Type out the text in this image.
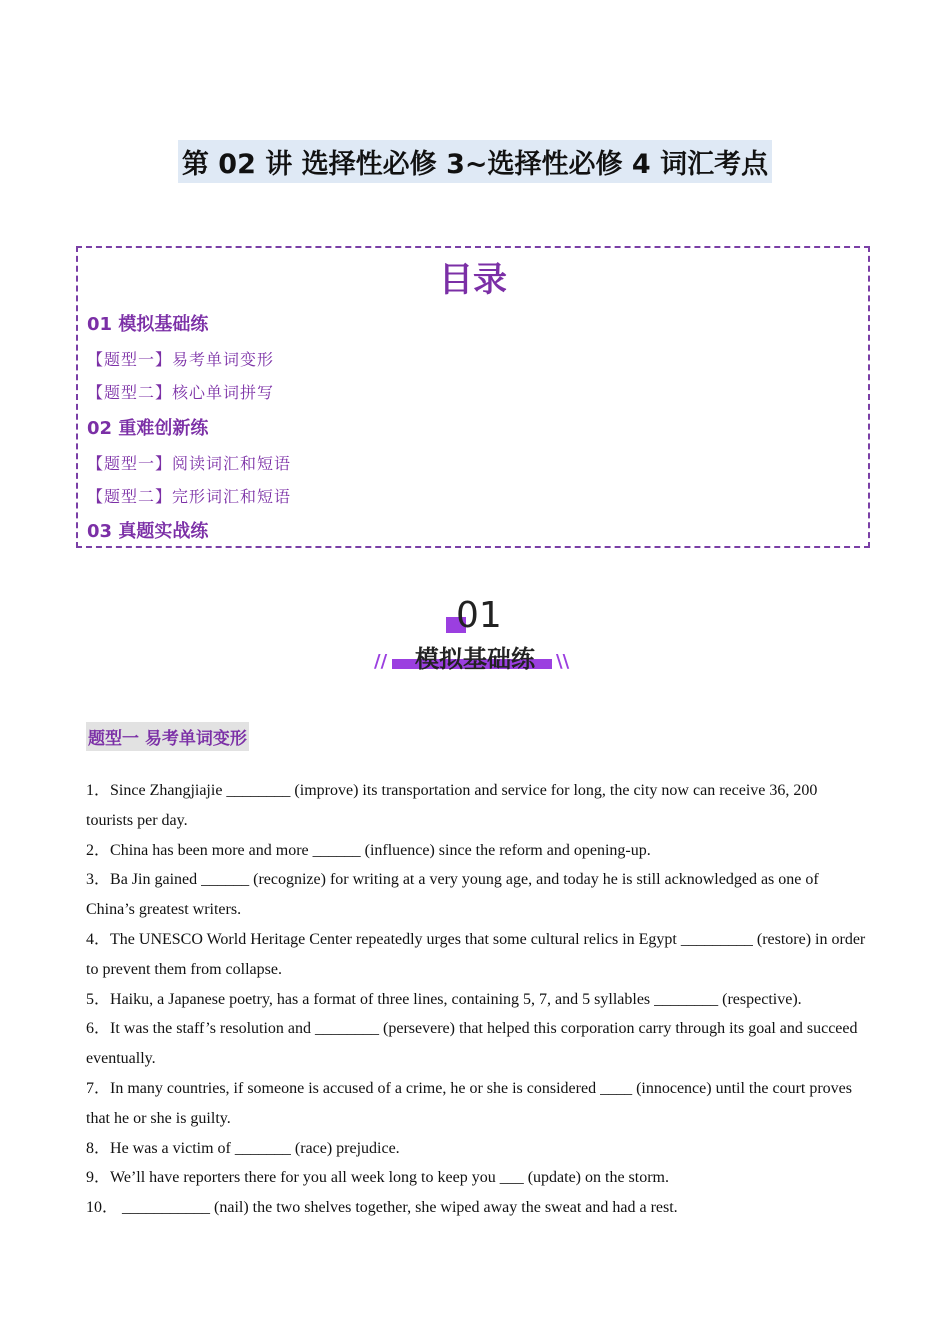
第 02 讲 选择性必修 3~选择性必修 4 词汇考点
目录
01 模拟基础练
【题型一】易考单词变形
【题型二】核心单词拼写
02 重难创新练
【题型一】阅读词汇和短语
【题型二】完形词汇和短语
03 真题实战练
01
模拟基础练
//	\\
题型一 易考单词变形

1．Since Zhangjiajie ________ (improve) its transportation and service for long, the city now can receive 36, 200 tourists per day.

2．China has been more and more ______ (influence) since the reform and opening-up.

3．Ba Jin gained ______ (recognize) for writing at a very young age, and today he is still acknowledged as one of China’s greatest writers.

4．The UNESCO World Heritage Center repeatedly urges that some cultural relics in Egypt _________ (restore) in order to prevent them from collapse.

5．Haiku, a Japanese poetry, has a format of three lines, containing 5, 7, and 5 syllables ________ (respective).

6．It was the staff’s resolution and ________ (persevere) that helped this corporation carry through its goal and succeed eventually.

7．In many countries, if someone is accused of a crime, he or she is considered ____ (innocence) until the court proves that he or she is guilty.

8．He was a victim of _______ (race) prejudice.

9．We’ll have reporters there for you all week long to keep you ___ (update) on the storm.

10． ___________ (nail) the two shelves together, she wiped away the sweat and had a rest.
